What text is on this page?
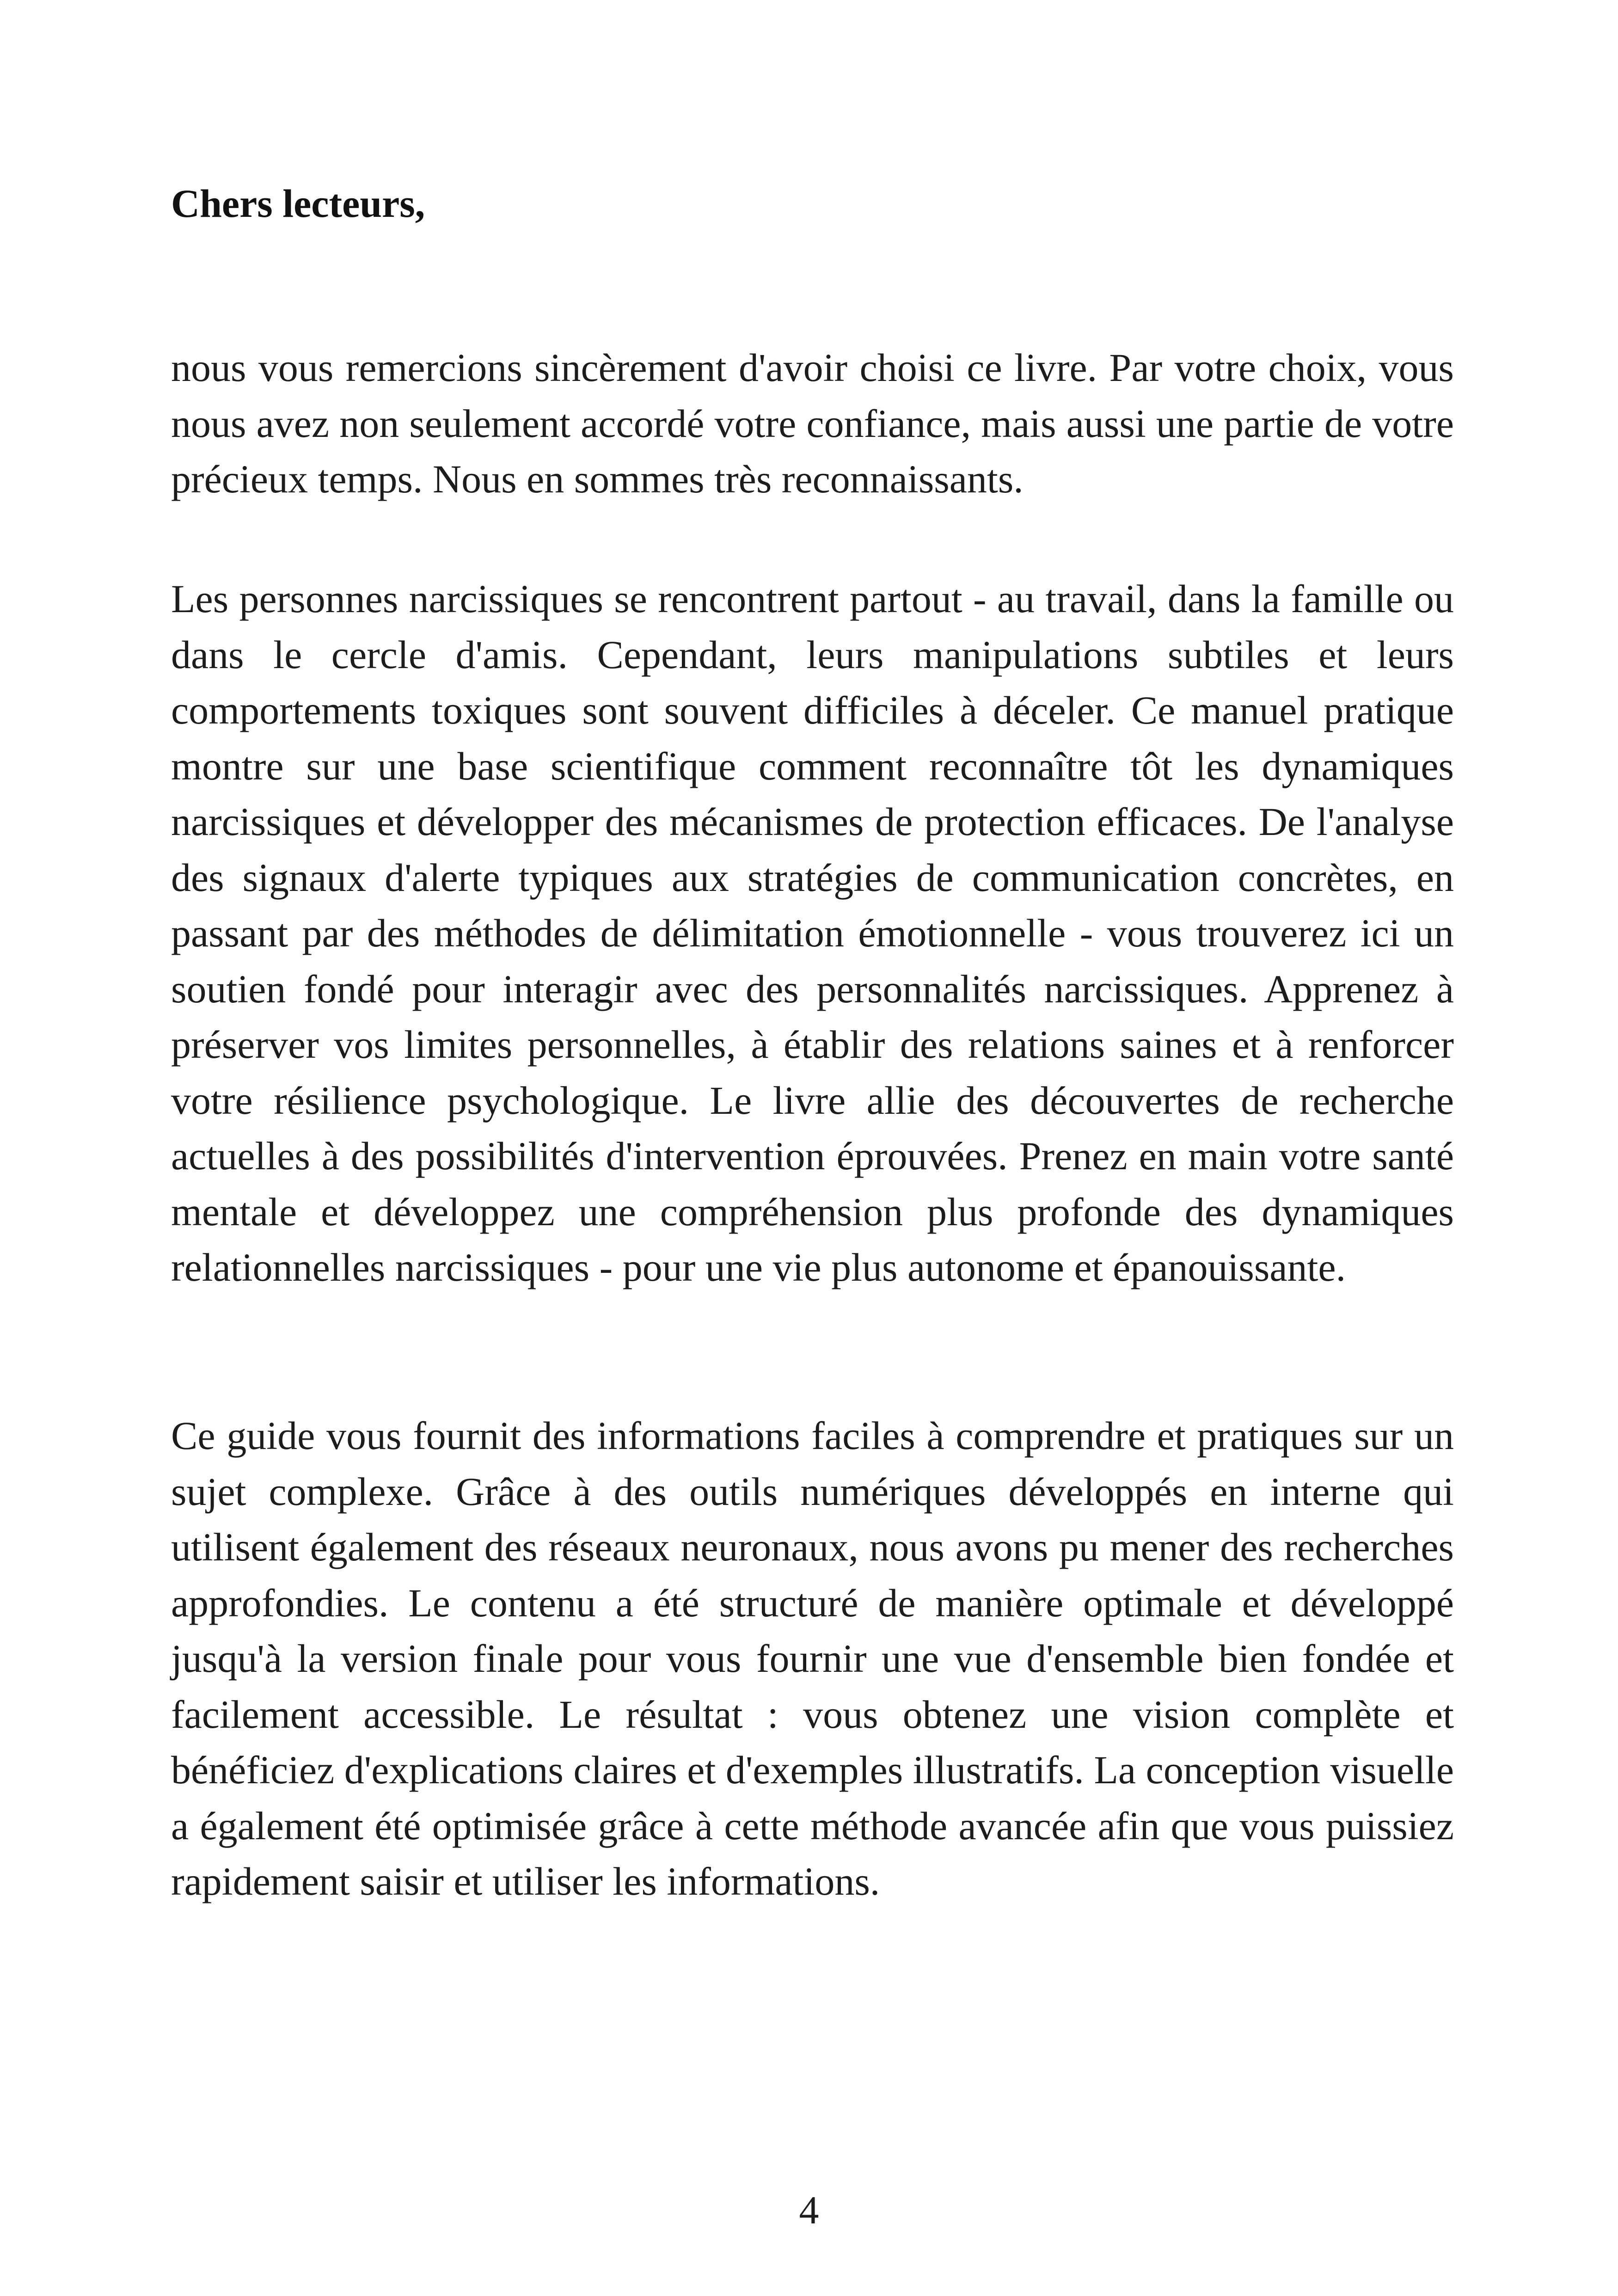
Chers lecteurs,

nous vous remercions sincèrement d'avoir choisi ce livre. Par votre choix, vous nous avez non seulement accordé votre confiance, mais aussi une partie de votre précieux temps. Nous en sommes très reconnaissants.

Les personnes narcissiques se rencontrent partout - au travail, dans la famille ou dans le cercle d'amis. Cependant, leurs manipulations subtiles et leurs comportements toxiques sont souvent difficiles à déceler. Ce manuel pratique montre sur une base scientifique comment reconnaître tôt les dynamiques narcissiques et développer des mécanismes de protection efficaces. De l'analyse des signaux d'alerte typiques aux stratégies de communication concrètes, en passant par des méthodes de délimitation émotionnelle - vous trouverez ici un soutien fondé pour interagir avec des personnalités narcissiques. Apprenez à préserver vos limites personnelles, à établir des relations saines et à renforcer votre résilience psychologique. Le livre allie des découvertes de recherche actuelles à des possibilités d'intervention éprouvées. Prenez en main votre santé mentale et développez une compréhension plus profonde des dynamiques relationnelles narcissiques - pour une vie plus autonome et épanouissante.

Ce guide vous fournit des informations faciles à comprendre et pratiques sur un sujet complexe. Grâce à des outils numériques développés en interne qui utilisent également des réseaux neuronaux, nous avons pu mener des recherches approfondies. Le contenu a été structuré de manière optimale et développé jusqu'à la version finale pour vous fournir une vue d'ensemble bien fondée et facilement accessible. Le résultat : vous obtenez une vision complète et bénéficiez d'explications claires et d'exemples illustratifs. La conception visuelle a également été optimisée grâce à cette méthode avancée afin que vous puissiez rapidement saisir et utiliser les informations.

4
